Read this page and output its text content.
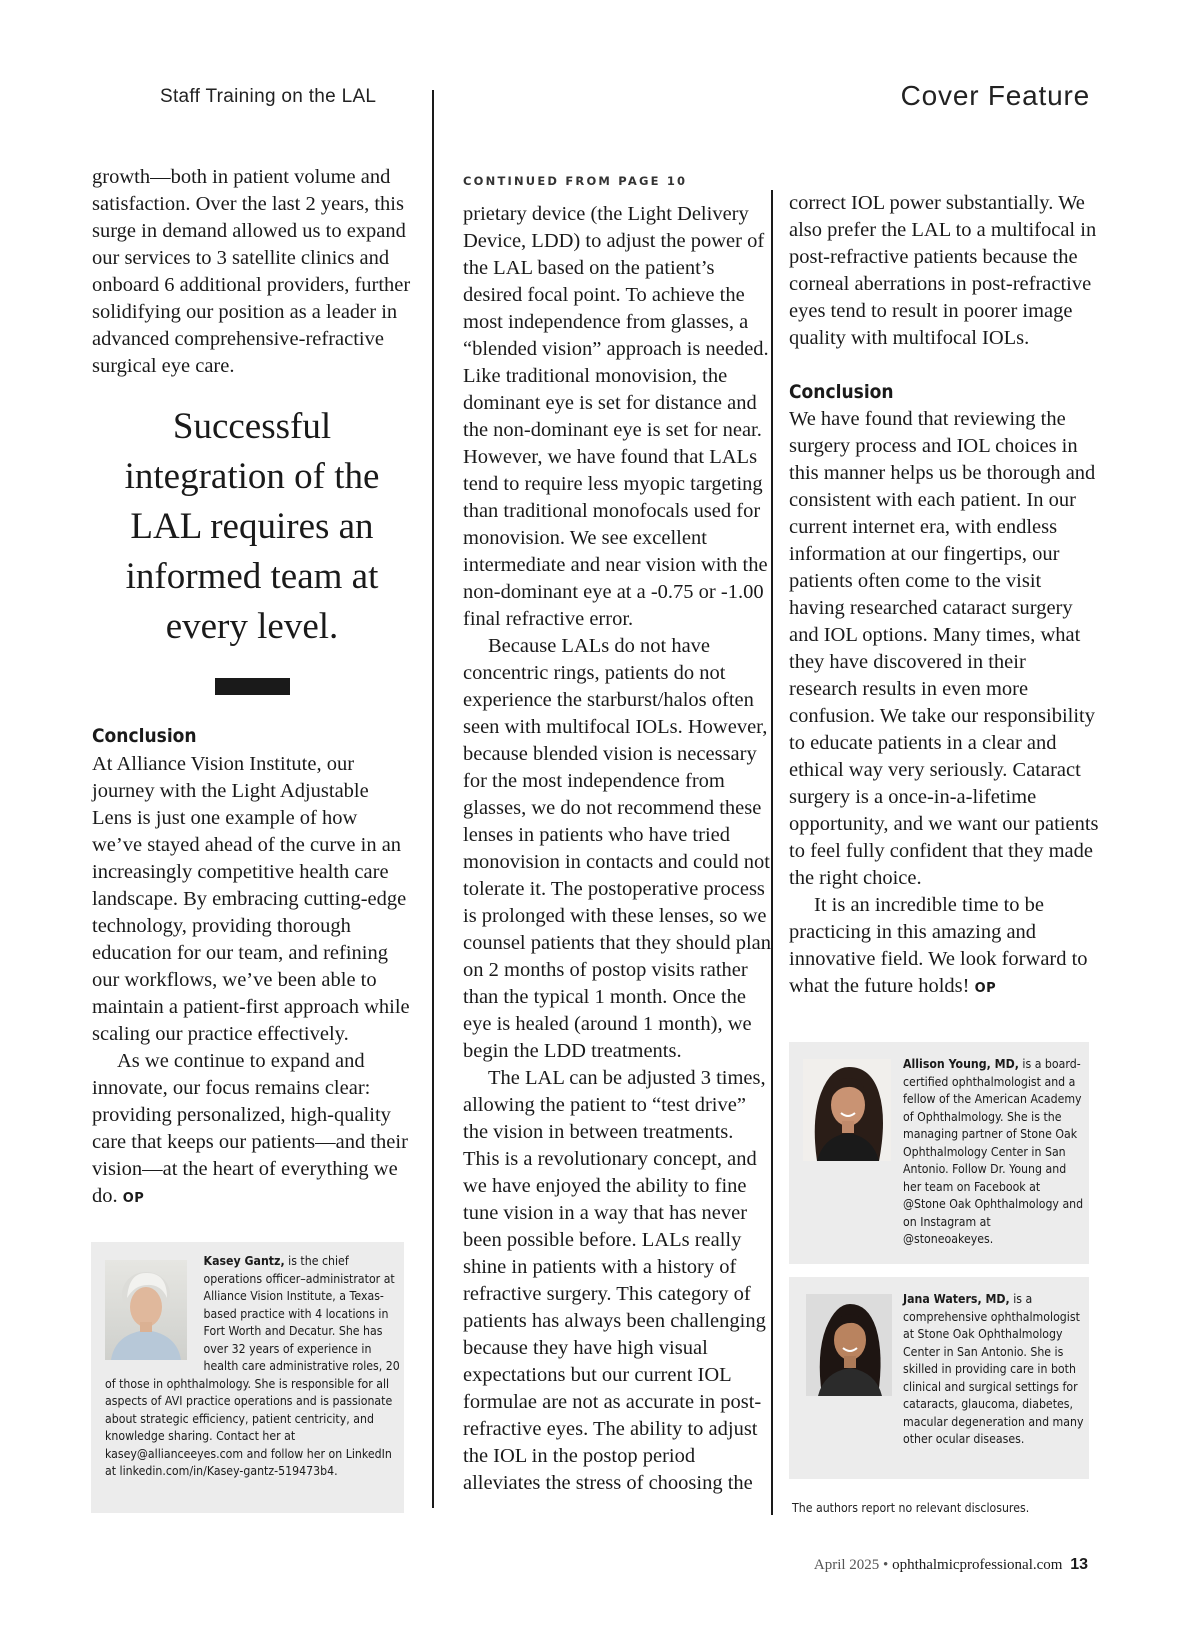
Staff Training on the LAL	Cover Feature

growth—both in patient volume and satisfaction. Over the last 2 years, this surge in demand allowed us to expand our services to 3 satellite clinics and onboard 6 additional providers, further solidifying our position as a leader in advanced comprehensive-refractive surgical eye care.

Successful integration of the LAL requires an informed team at every level.
Conclusion

At Alliance Vision Institute, our journey with the Light Adjustable Lens is just one example of how we’ve stayed ahead of the curve in an increasingly competitive health care landscape. By embracing cutting-edge technology, providing thorough education for our team, and refining our workflows, we’ve been able to maintain a patient-first approach while scaling our practice effectively.

As we continue to expand and innovate, our focus remains clear: providing personalized, high-quality care that keeps our patients—and their vision—at the heart of everything we do. OP

Kasey Gantz, is the chief operations officer–administrator at Alliance Vision Institute, a Texas-based practice with 4 locations in Fort Worth and Decatur. She has over 32 years of experience in health care administrative roles, 20 of those in ophthalmology. She is responsible for all aspects of AVI practice operations and is passionate about strategic efficiency, patient centricity, and knowledge sharing. Contact her at kasey@allianceeyes.com and follow her on LinkedIn at linkedin.com/in/Kasey-gantz-519473b4.
CONTINUED FROM PAGE 10

prietary device (the Light Delivery Device, LDD) to adjust the power of the LAL based on the patient’s desired focal point. To achieve the most independence from glasses, a “blended vision” approach is needed. Like traditional monovision, the dominant eye is set for distance and the non-dominant eye is set for near. However, we have found that LALs tend to require less myopic targeting than traditional monofocals used for monovision. We see excellent intermediate and near vision with the non-dominant eye at a -0.75 or -1.00 final refractive error.

Because LALs do not have concentric rings, patients do not experience the starburst/halos often seen with multifocal IOLs. However, because blended vision is necessary for the most independence from glasses, we do not recommend these lenses in patients who have tried monovision in contacts and could not tolerate it. The postoperative process is prolonged with these lenses, so we counsel patients that they should plan on 2 months of postop visits rather than the typical 1 month. Once the eye is healed (around 1 month), we begin the LDD treatments.

The LAL can be adjusted 3 times, allowing the patient to “test drive” the vision in between treatments. This is a revolutionary concept, and we have enjoyed the ability to fine tune vision in a way that has never been possible before. LALs really shine in patients with a history of refractive surgery. This category of patients has always been challenging because they have high visual expectations but our current IOL formulae are not as accurate in post-refractive eyes. The ability to adjust the IOL in the postop period alleviates the stress of choosing the

correct IOL power substantially. We also prefer the LAL to a multifocal in post-refractive patients because the corneal aberrations in post-refractive eyes tend to result in poorer image quality with multifocal IOLs.

Conclusion

We have found that reviewing the surgery process and IOL choices in this manner helps us be thorough and consistent with each patient. In our current internet era, with endless information at our fingertips, our patients often come to the visit having researched cataract surgery and IOL options. Many times, what they have discovered in their research results in even more confusion. We take our responsibility to educate patients in a clear and ethical way very seriously. Cataract surgery is a once-in-a-lifetime opportunity, and we want our patients to feel fully confident that they made the right choice.

It is an incredible time to be practicing in this amazing and innovative field. We look forward to what the future holds! OP

Allison Young, MD, is a board-certified ophthalmologist and a fellow of the American Academy of Ophthalmology. She is the managing partner of Stone Oak Ophthalmology Center in San Antonio. Follow Dr. Young and her team on Facebook at @Stone Oak Ophthalmology and on Instagram at @stoneoakeyes.
Jana Waters, MD, is a comprehensive ophthalmologist at Stone Oak Ophthalmology Center in San Antonio. She is skilled in providing care in both clinical and surgical settings for cataracts, glaucoma, diabetes, macular degeneration and many other ocular diseases.
The authors report no relevant disclosures.
April 2025 • ophthalmicprofessional.com 13
